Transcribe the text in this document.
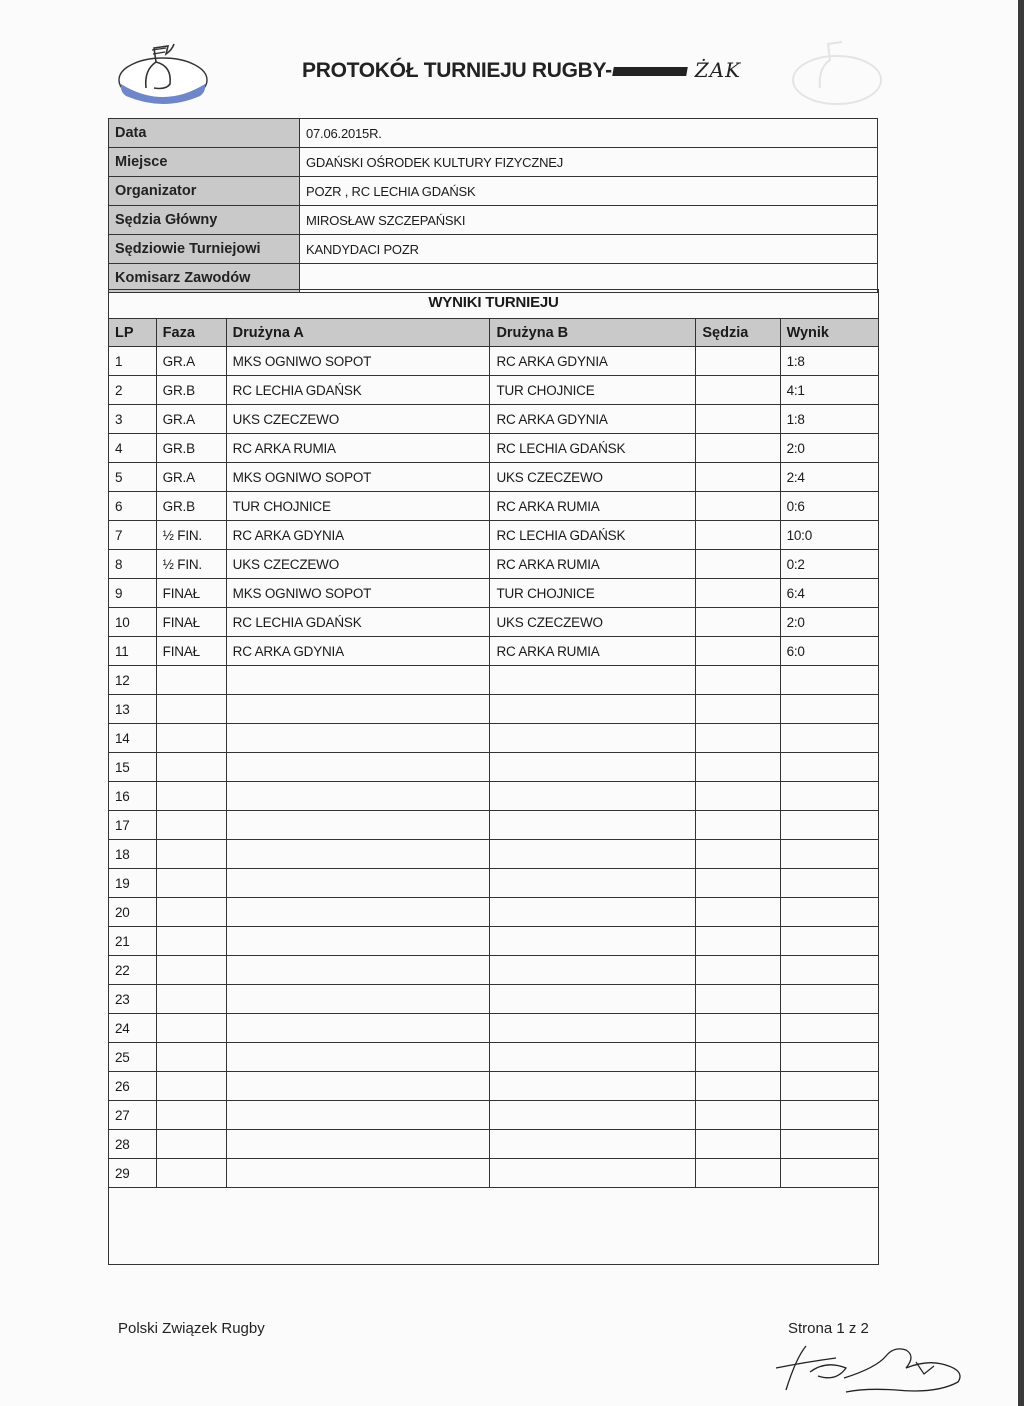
PROTOKÓŁ TURNIEJU RUGBY-	ŻAK
Data	07.06.2015R.
Miejsce	GDAŃSKI OŚRODEK KULTURY FIZYCZNEJ
Organizator	POZR , RC LECHIA GDAŃSK
Sędzia Główny	MIROSŁAW SZCZEPAŃSKI
Sędziowie Turniejowi	KANDYDACI POZR
Komisarz Zawodów	
WYNIKI TURNIEJU
LP	Faza	Drużyna A	Drużyna B	Sędzia	Wynik
1	GR.A	MKS OGNIWO SOPOT	RC ARKA GDYNIA		1:8
2	GR.B	RC LECHIA GDAŃSK	TUR CHOJNICE		4:1
3	GR.A	UKS CZECZEWO	RC ARKA GDYNIA		1:8
4	GR.B	RC ARKA RUMIA	RC LECHIA GDAŃSK		2:0
5	GR.A	MKS OGNIWO SOPOT	UKS CZECZEWO		2:4
6	GR.B	TUR CHOJNICE	RC ARKA RUMIA		0:6
7	½ FIN.	RC ARKA GDYNIA	RC LECHIA GDAŃSK		10:0
8	½ FIN.	UKS CZECZEWO	RC ARKA RUMIA		0:2
9	FINAŁ	MKS OGNIWO SOPOT	TUR CHOJNICE		6:4
10	FINAŁ	RC LECHIA GDAŃSK	UKS CZECZEWO		2:0
11	FINAŁ	RC ARKA GDYNIA	RC ARKA RUMIA		6:0
12					
13					
14					
15					
16					
17					
18					
19					
20					
21					
22					
23					
24					
25					
26					
27					
28					
29					
Polski Związek Rugby	Strona 1 z 2
